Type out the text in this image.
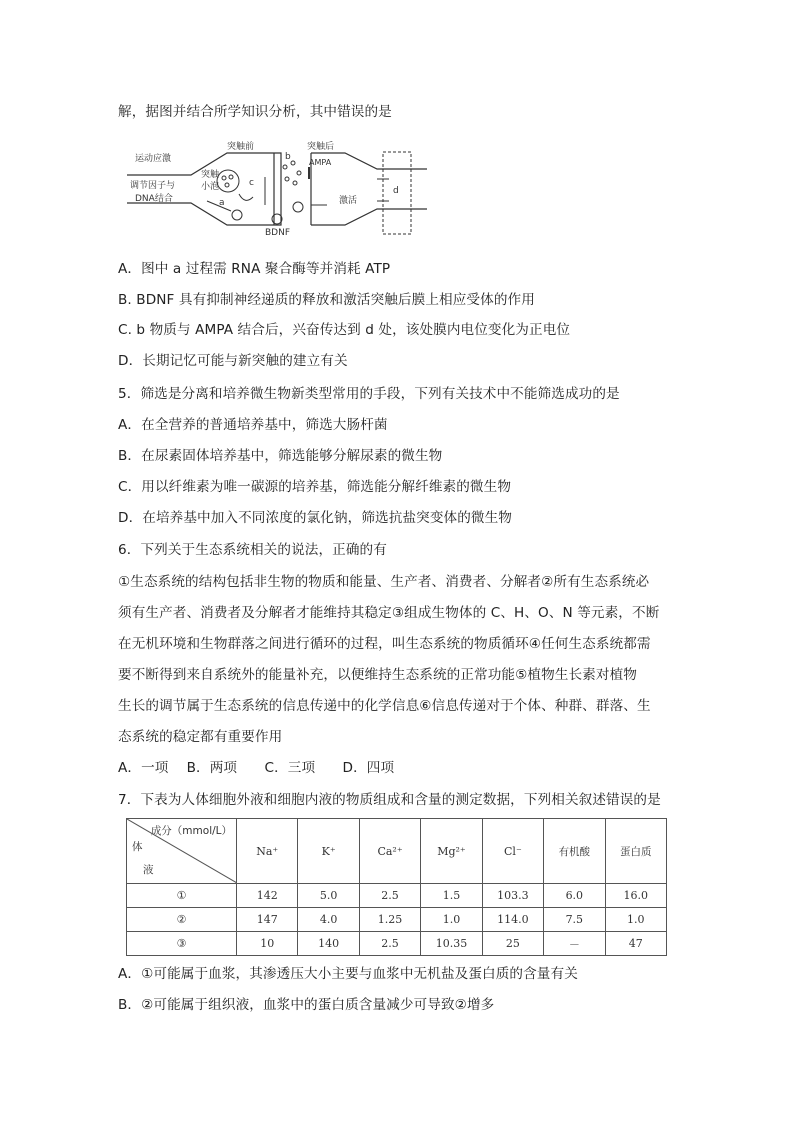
解，据图并结合所学知识分析，其中错误的是
运动应激
调节因子与
DNA结合
突触前
突触
小泡
a
b
c
突触后
AMPA
激活
d
BDNF
A．图中 a 过程需 RNA 聚合酶等并消耗 ATP
B. BDNF 具有抑制神经递质的释放和激活突触后膜上相应受体的作用
C. b 物质与 AMPA 结合后，兴奋传达到 d 处，该处膜内电位变化为正电位
D．长期记忆可能与新突触的建立有关
5．筛选是分离和培养微生物新类型常用的手段，下列有关技术中不能筛选成功的是
A．在全营养的普通培养基中，筛选大肠杆菌
B．在尿素固体培养基中，筛选能够分解尿素的微生物
C．用以纤维素为唯一碳源的培养基，筛选能分解纤维素的微生物
D．在培养基中加入不同浓度的氯化钠，筛选抗盐突变体的微生物
6．下列关于生态系统相关的说法，正确的有
①生态系统的结构包括非生物的物质和能量、生产者、消费者、分解者②所有生态系统必
须有生产者、消费者及分解者才能维持其稳定③组成生物体的 C、H、O、N 等元素，不断
在无机环境和生物群落之间进行循环的过程，叫生态系统的物质循环④任何生态系统都需
要不断得到来自系统外的能量补充，以便维持生态系统的正常功能⑤植物生长素对植物
生长的调节属于生态系统的信息传递中的化学信息⑥信息传递对于个体、种群、群落、生
态系统的稳定都有重要作用
A．一项　 B．两项　　C．三项　　D．四项
7．下表为人体细胞外液和细胞内液的物质组成和含量的测定数据，下列相关叙述错误的是
成分（mmol/L）
体
液	Na⁺	K⁺	Ca²⁺	Mg²⁺	Cl⁻	有机酸	蛋白质
①	142	5.0	2.5	1.5	103.3	6.0	16.0
②	147	4.0	1.25	1.0	114.0	7.5	1.0
③	10	140	2.5	10.35	25	－	47
A．①可能属于血浆，其渗透压大小主要与血浆中无机盐及蛋白质的含量有关
B．②可能属于组织液，血浆中的蛋白质含量减少可导致②增多
